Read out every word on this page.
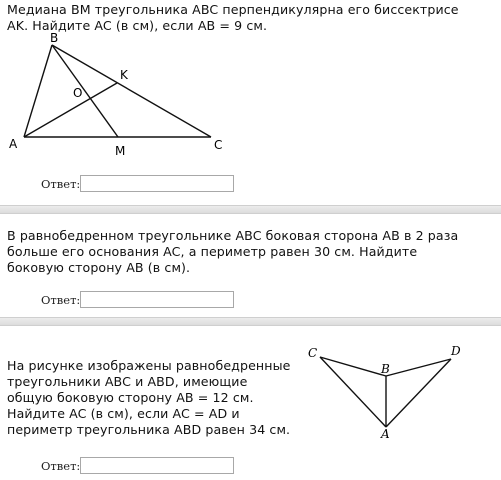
Медиана BM треугольника ABC перпендикулярна его биссектрисе AK. Найдите AC (в см), если AB = 9 см.
B
K
O
A	M	C
Ответ:
В равнобедренном треугольнике ABC боковая сторона AB в 2 раза больше его основания AC, а периметр равен 30 см. Найдите боковую сторону AB (в см).
Ответ:
На рисунке изображены равнобедренные треугольники ABC и ABD, имеющие общую боковую сторону AB = 12 см. Найдите AC (в см), если AC = AD и периметр треугольника ABD равен 34 см.
C
B
D
A
Ответ:
